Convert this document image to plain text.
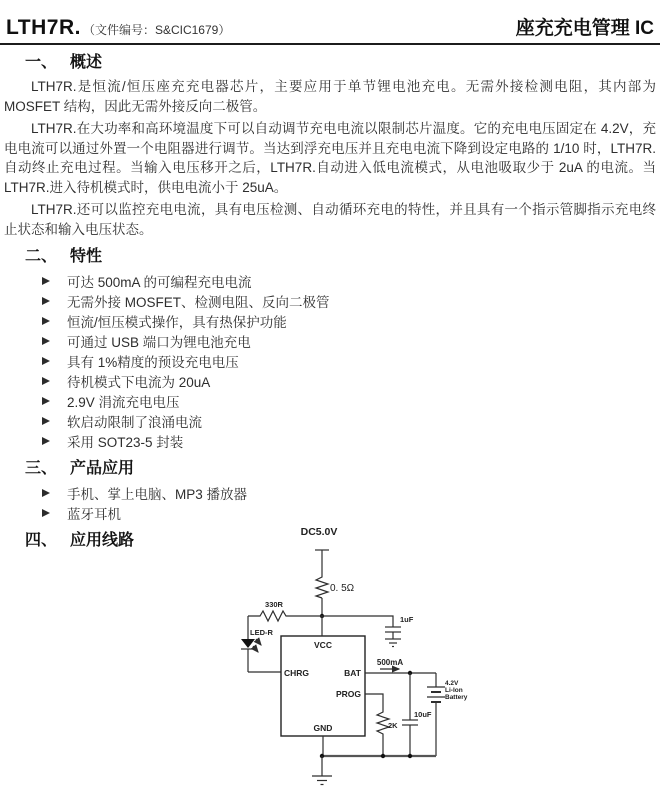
LTH7R. （文件编号：S&CIC1679）	座充充电管理 IC
一、 概述

LTH7R.是恒流/恒压座充充电器芯片，主要应用于单节锂电池充电。无需外接检测电阻，其内部为 MOSFET 结构，因此无需外接反向二极管。

LTH7R.在大功率和高环境温度下可以自动调节充电电流以限制芯片温度。它的充电电压固定在 4.2V，充电电流可以通过外置一个电阻器进行调节。当达到浮充电压并且充电电流下降到设定电路的 1/10 时，LTH7R.自动终止充电过程。当输入电压移开之后，LTH7R.自动进入低电流模式，从电池吸取少于 2uA 的电流。当 LTH7R.进入待机模式时，供电电流小于 25uA。

LTH7R.还可以监控充电电流，具有电压检测、自动循环充电的特性，并且具有一个指示管脚指示充电终止状态和输入电压状态。

二、 特性
可达 500mA 的可编程充电电流
无需外接 MOSFET、检测电阻、反向二极管
恒流/恒压模式操作，具有热保护功能
可通过 USB 端口为锂电池充电
具有 1%精度的预设充电电压
待机模式下电流为 20uA
2.9V 涓流充电电压
软启动限制了浪涌电流
采用 SOT23-5 封装
三、 产品应用
手机、掌上电脑、MP3 播放器
蓝牙耳机
四、 应用线路	DC5.0V
0. 5Ω
330R
LED-R
1uF
VCC
CHRG	BAT
PROG
GND
500mA
4.2V
Li-Ion
Battery
10uF
2K
